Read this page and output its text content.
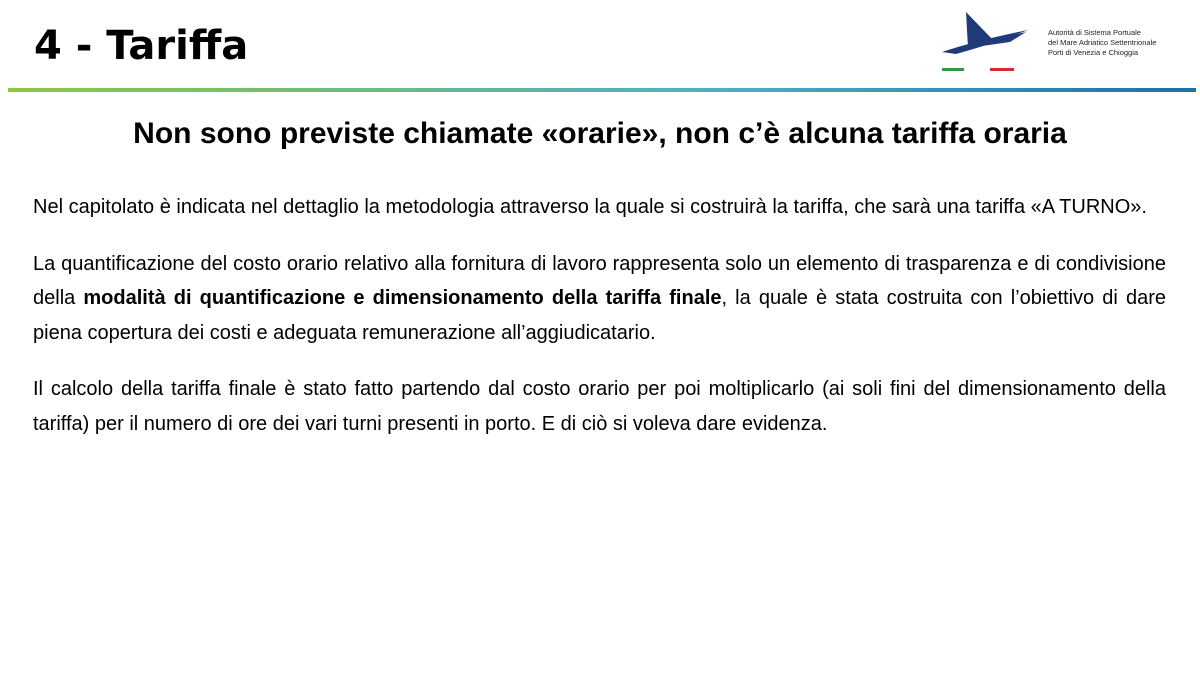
4 - Tariffa	Autorità di Sistema Portuale
del Mare Adriatico Settentrionale
Porti di Venezia e Chioggia
Non sono previste chiamate «orarie», non c’è alcuna tariffa oraria

Nel capitolato è indicata nel dettaglio la metodologia attraverso la quale si costruirà la tariffa, che sarà una tariffa «A TURNO».

La quantificazione del costo orario relativo alla fornitura di lavoro rappresenta solo un elemento di trasparenza e di condivisione della modalità di quantificazione e dimensionamento della tariffa finale, la quale è stata costruita con l’obiettivo di dare piena copertura dei costi e adeguata remunerazione all’aggiudicatario.

Il calcolo della tariffa finale è stato fatto partendo dal costo orario per poi moltiplicarlo (ai soli fini del dimensionamento della tariffa) per il numero di ore dei vari turni presenti in porto. E di ciò si voleva dare evidenza.
